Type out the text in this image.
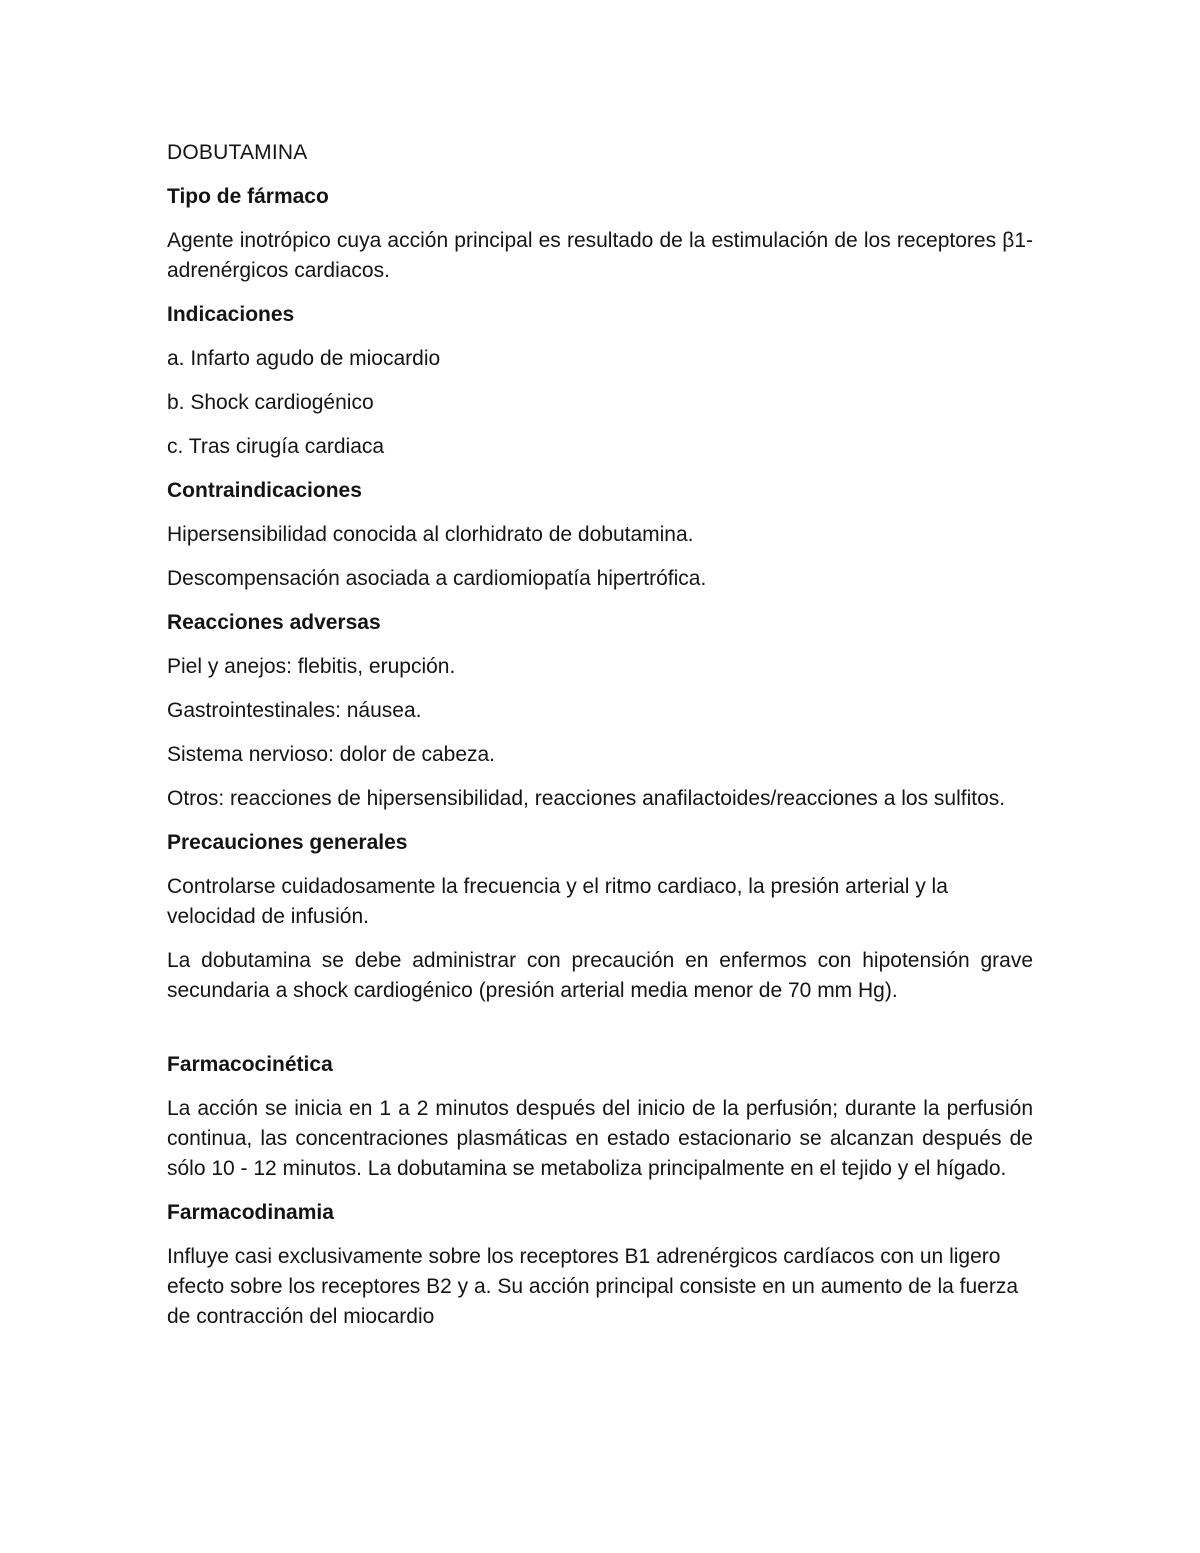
DOBUTAMINA
Tipo de fármaco

Agente inotrópico cuya acción principal es resultado de la estimulación de los receptores β1-adrenérgicos cardiacos.

Indicaciones

a. Infarto agudo de miocardio

b. Shock cardiogénico

c. Tras cirugía cardiaca

Contraindicaciones

Hipersensibilidad conocida al clorhidrato de dobutamina.

Descompensación asociada a cardiomiopatía hipertrófica.

Reacciones adversas

Piel y anejos: flebitis, erupción.

Gastrointestinales: náusea.

Sistema nervioso: dolor de cabeza.

Otros: reacciones de hipersensibilidad, reacciones anafilactoides/reacciones a los sulfitos.

Precauciones generales

Controlarse cuidadosamente la frecuencia y el ritmo cardiaco, la presión arterial y la velocidad de infusión.

La dobutamina se debe administrar con precaución en enfermos con hipotensión grave secundaria a shock cardiogénico (presión arterial media menor de 70 mm Hg).

Farmacocinética

La acción se inicia en 1 a 2 minutos después del inicio de la perfusión; durante la perfusión continua, las concentraciones plasmáticas en estado estacionario se alcanzan después de sólo 10 - 12 minutos. La dobutamina se metaboliza principalmente en el tejido y el hígado.

Farmacodinamia

Influye casi exclusivamente sobre los receptores Β1 adrenérgicos cardíacos con un ligero efecto sobre los receptores Β2 y a. Su acción principal consiste en un aumento de la fuerza de contracción del miocardio
